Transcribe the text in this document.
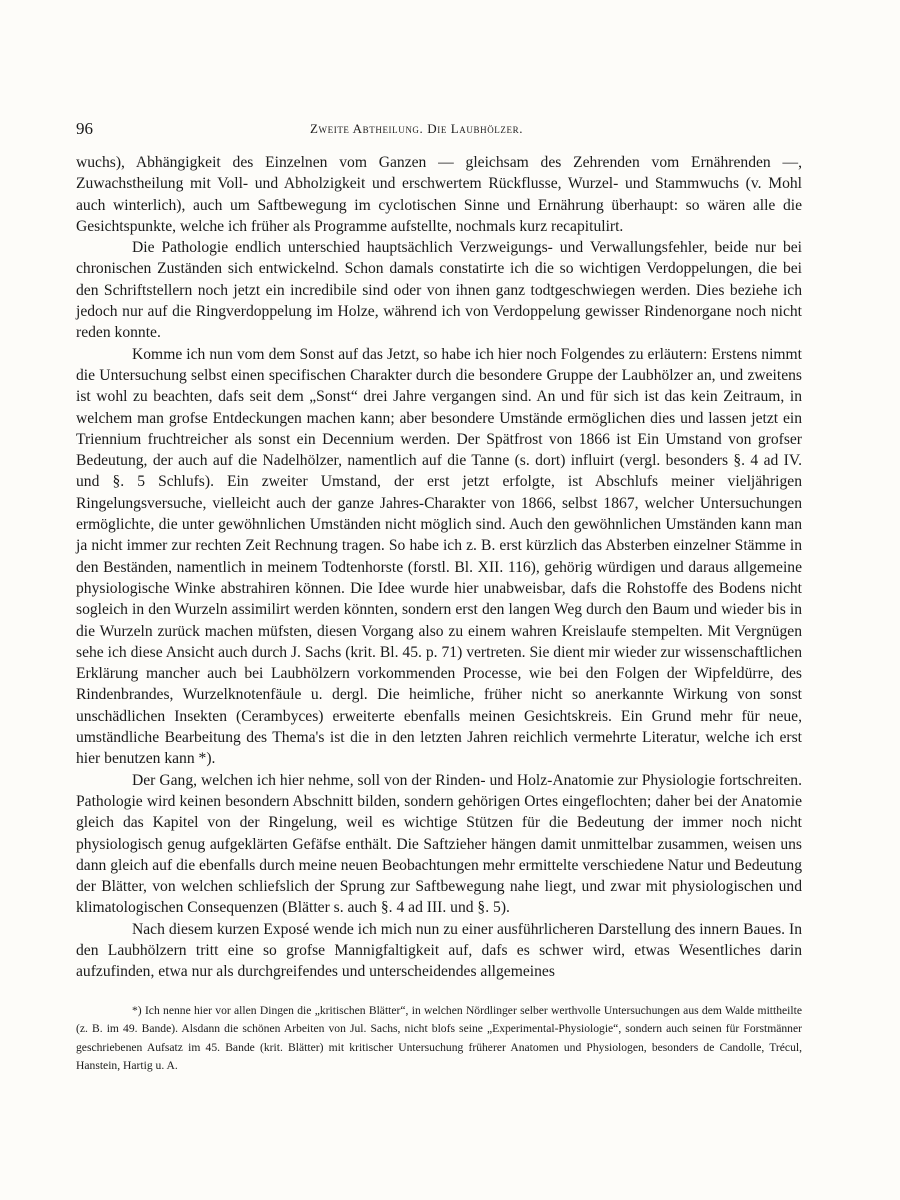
96	Zweite Abtheilung. Die Laubhölzer.

wuchs), Abhängigkeit des Einzelnen vom Ganzen — gleichsam des Zehrenden vom Ernährenden —, Zuwachstheilung mit Voll- und Abholzigkeit und erschwertem Rückflusse, Wurzel- und Stammwuchs (v. Mohl auch winterlich), auch um Saftbewegung im cyclotischen Sinne und Ernährung überhaupt: so wären alle die Gesichtspunkte, welche ich früher als Programme aufstellte, nochmals kurz recapitulirt.

Die Pathologie endlich unterschied hauptsächlich Verzweigungs- und Verwallungsfehler, beide nur bei chronischen Zuständen sich entwickelnd. Schon damals constatirte ich die so wichtigen Verdoppelungen, die bei den Schriftstellern noch jetzt ein incredibile sind oder von ihnen ganz todtgeschwiegen werden. Dies beziehe ich jedoch nur auf die Ringverdoppelung im Holze, während ich von Verdoppelung gewisser Rindenorgane noch nicht reden konnte.

Komme ich nun vom dem Sonst auf das Jetzt, so habe ich hier noch Folgendes zu erläutern: Erstens nimmt die Untersuchung selbst einen specifischen Charakter durch die besondere Gruppe der Laubhölzer an, und zweitens ist wohl zu beachten, dafs seit dem „Sonst“ drei Jahre vergangen sind. An und für sich ist das kein Zeitraum, in welchem man grofse Entdeckungen machen kann; aber besondere Umstände ermöglichen dies und lassen jetzt ein Triennium fruchtreicher als sonst ein Decennium werden. Der Spätfrost von 1866 ist Ein Umstand von grofser Bedeutung, der auch auf die Nadelhölzer, namentlich auf die Tanne (s. dort) influirt (vergl. besonders §. 4 ad IV. und §. 5 Schlufs). Ein zweiter Umstand, der erst jetzt erfolgte, ist Abschlufs meiner vieljährigen Ringelungsversuche, vielleicht auch der ganze Jahres-Charakter von 1866, selbst 1867, welcher Untersuchungen ermöglichte, die unter gewöhnlichen Umständen nicht möglich sind. Auch den gewöhnlichen Umständen kann man ja nicht immer zur rechten Zeit Rechnung tragen. So habe ich z. B. erst kürzlich das Absterben einzelner Stämme in den Beständen, namentlich in meinem Todtenhorste (forstl. Bl. XII. 116), gehörig würdigen und daraus allgemeine physiologische Winke abstrahiren können. Die Idee wurde hier unabweisbar, dafs die Rohstoffe des Bodens nicht sogleich in den Wurzeln assimilirt werden könnten, sondern erst den langen Weg durch den Baum und wieder bis in die Wurzeln zurück machen müfsten, diesen Vorgang also zu einem wahren Kreislaufe stempelten. Mit Vergnügen sehe ich diese Ansicht auch durch J. Sachs (krit. Bl. 45. p. 71) vertreten. Sie dient mir wieder zur wissenschaftlichen Erklärung mancher auch bei Laubhölzern vorkommenden Processe, wie bei den Folgen der Wipfeldürre, des Rindenbrandes, Wurzelknotenfäule u. dergl. Die heimliche, früher nicht so anerkannte Wirkung von sonst unschädlichen Insekten (Cerambyces) erweiterte ebenfalls meinen Gesichtskreis. Ein Grund mehr für neue, umständliche Bearbeitung des Thema's ist die in den letzten Jahren reichlich vermehrte Literatur, welche ich erst hier benutzen kann *).

Der Gang, welchen ich hier nehme, soll von der Rinden- und Holz-Anatomie zur Physiologie fortschreiten. Pathologie wird keinen besondern Abschnitt bilden, sondern gehörigen Ortes eingeflochten; daher bei der Anatomie gleich das Kapitel von der Ringelung, weil es wichtige Stützen für die Bedeutung der immer noch nicht physiologisch genug aufgeklärten Gefäfse enthält. Die Saftzieher hängen damit unmittelbar zusammen, weisen uns dann gleich auf die ebenfalls durch meine neuen Beobachtungen mehr ermittelte verschiedene Natur und Bedeutung der Blätter, von welchen schliefslich der Sprung zur Saftbewegung nahe liegt, und zwar mit physiologischen und klimatologischen Consequenzen (Blätter s. auch §. 4 ad III. und §. 5).

Nach diesem kurzen Exposé wende ich mich nun zu einer ausführlicheren Darstellung des innern Baues. In den Laubhölzern tritt eine so grofse Mannigfaltigkeit auf, dafs es schwer wird, etwas Wesentliches darin aufzufinden, etwa nur als durchgreifendes und unterscheidendes allgemeines

*) Ich nenne hier vor allen Dingen die „kritischen Blätter“, in welchen Nördlinger selber werthvolle Untersuchungen aus dem Walde mittheilte (z. B. im 49. Bande). Alsdann die schönen Arbeiten von Jul. Sachs, nicht blofs seine „Experimental-Physiologie“, sondern auch seinen für Forstmänner geschriebenen Aufsatz im 45. Bande (krit. Blätter) mit kritischer Untersuchung früherer Anatomen und Physiologen, besonders de Candolle, Trécul, Hanstein, Hartig u. A.
